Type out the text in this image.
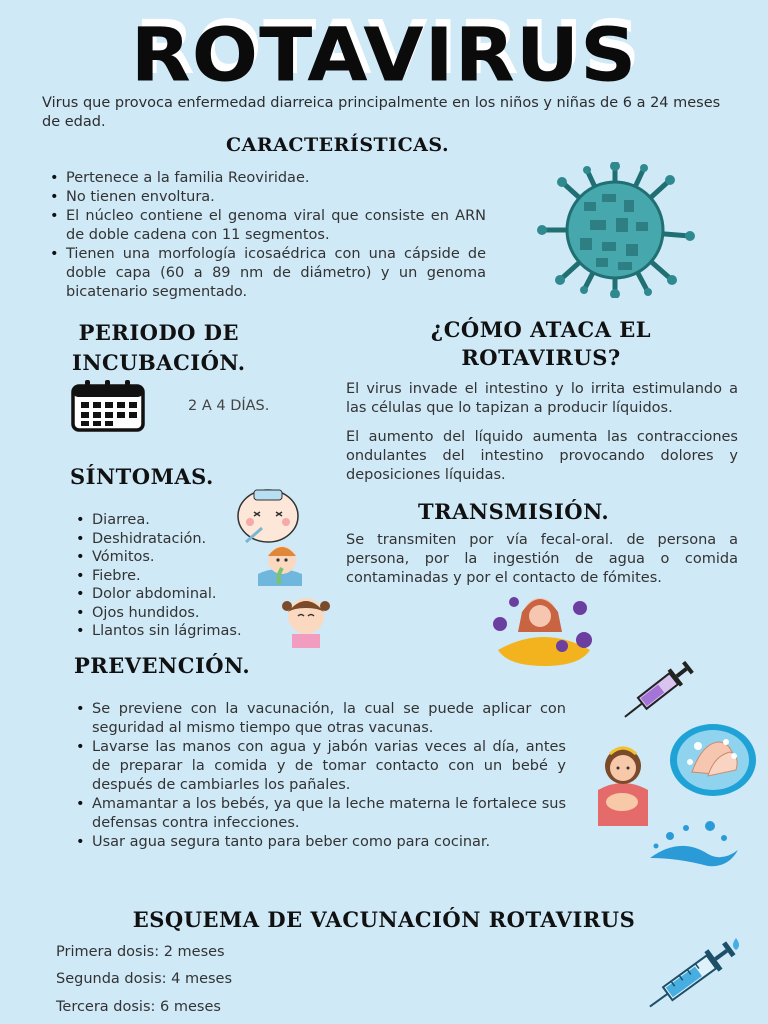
ROTAVIRUS
Virus que provoca enfermedad diarreica principalmente en los niños y niñas de 6 a 24 meses de edad.
CARACTERÍSTICAS.
• Pertenece a la familia Reoviridae.
• No tienen envoltura.
• El núcleo contiene el genoma viral que consiste en ARN de doble cadena con 11 segmentos.
• Tienen una morfología icosaédrica con una cápside de doble capa (60 a 89 nm de diámetro) y un genoma bicatenario segmentado.
PERIODO DE
INCUBACIÓN.
2 A 4 DÍAS.
¿CÓMO ATACA EL
ROTAVIRUS?
El virus invade el intestino y lo irrita estimulando a las células que lo tapizan a producir líquidos.
El aumento del líquido aumenta las contracciones ondulantes del intestino provocando dolores y deposiciones líquidas.
SÍNTOMAS.
• Diarrea.
• Deshidratación.
• Vómitos.
• Fiebre.
• Dolor abdominal.
• Ojos hundidos.
• Llantos sin lágrimas.
TRANSMISIÓN.
Se transmiten por vía fecal-oral. de persona a persona, por la ingestión de agua o comida contaminadas y por el contacto de fómites.
PREVENCIÓN.
• Se previene con la vacunación, la cual se puede aplicar con seguridad al mismo tiempo que otras vacunas.
• Lavarse las manos con agua y jabón varias veces al día, antes de preparar la comida y de tomar contacto con un bebé y después de cambiarles los pañales.
• Amamantar a los bebés, ya que la leche materna le fortalece sus defensas contra infecciones.
• Usar agua segura tanto para beber como para cocinar.
ESQUEMA DE VACUNACIÓN ROTAVIRUS
Primera dosis: 2 meses
Segunda dosis: 4 meses
Tercera dosis: 6 meses
